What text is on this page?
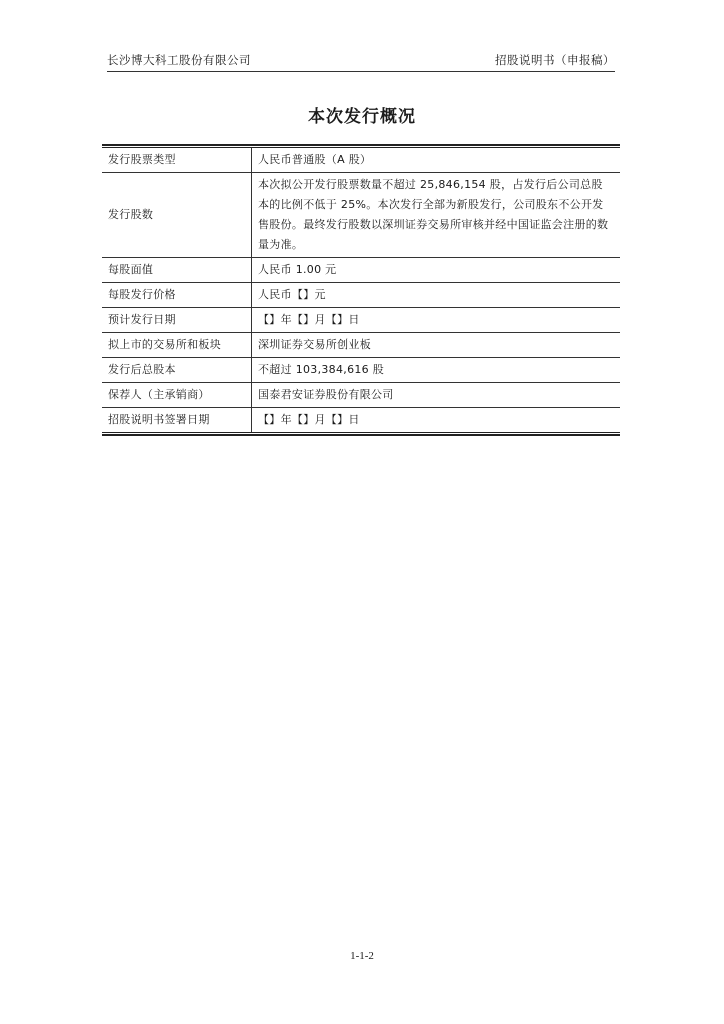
长沙博大科工股份有限公司	招股说明书（申报稿）
本次发行概况
发行股票类型	人民币普通股（A 股）
发行股数	本次拟公开发行股票数量不超过 25,846,154 股，占发行后公司总股本的比例不低于 25%。本次发行全部为新股发行，公司股东不公开发售股份。最终发行股数以深圳证券交易所审核并经中国证监会注册的数量为准。
每股面值	人民币 1.00 元
每股发行价格	人民币【】元
预计发行日期	【】年【】月【】日
拟上市的交易所和板块	深圳证券交易所创业板
发行后总股本	不超过 103,384,616 股
保荐人（主承销商）	国泰君安证券股份有限公司
招股说明书签署日期	【】年【】月【】日
1-1-2
